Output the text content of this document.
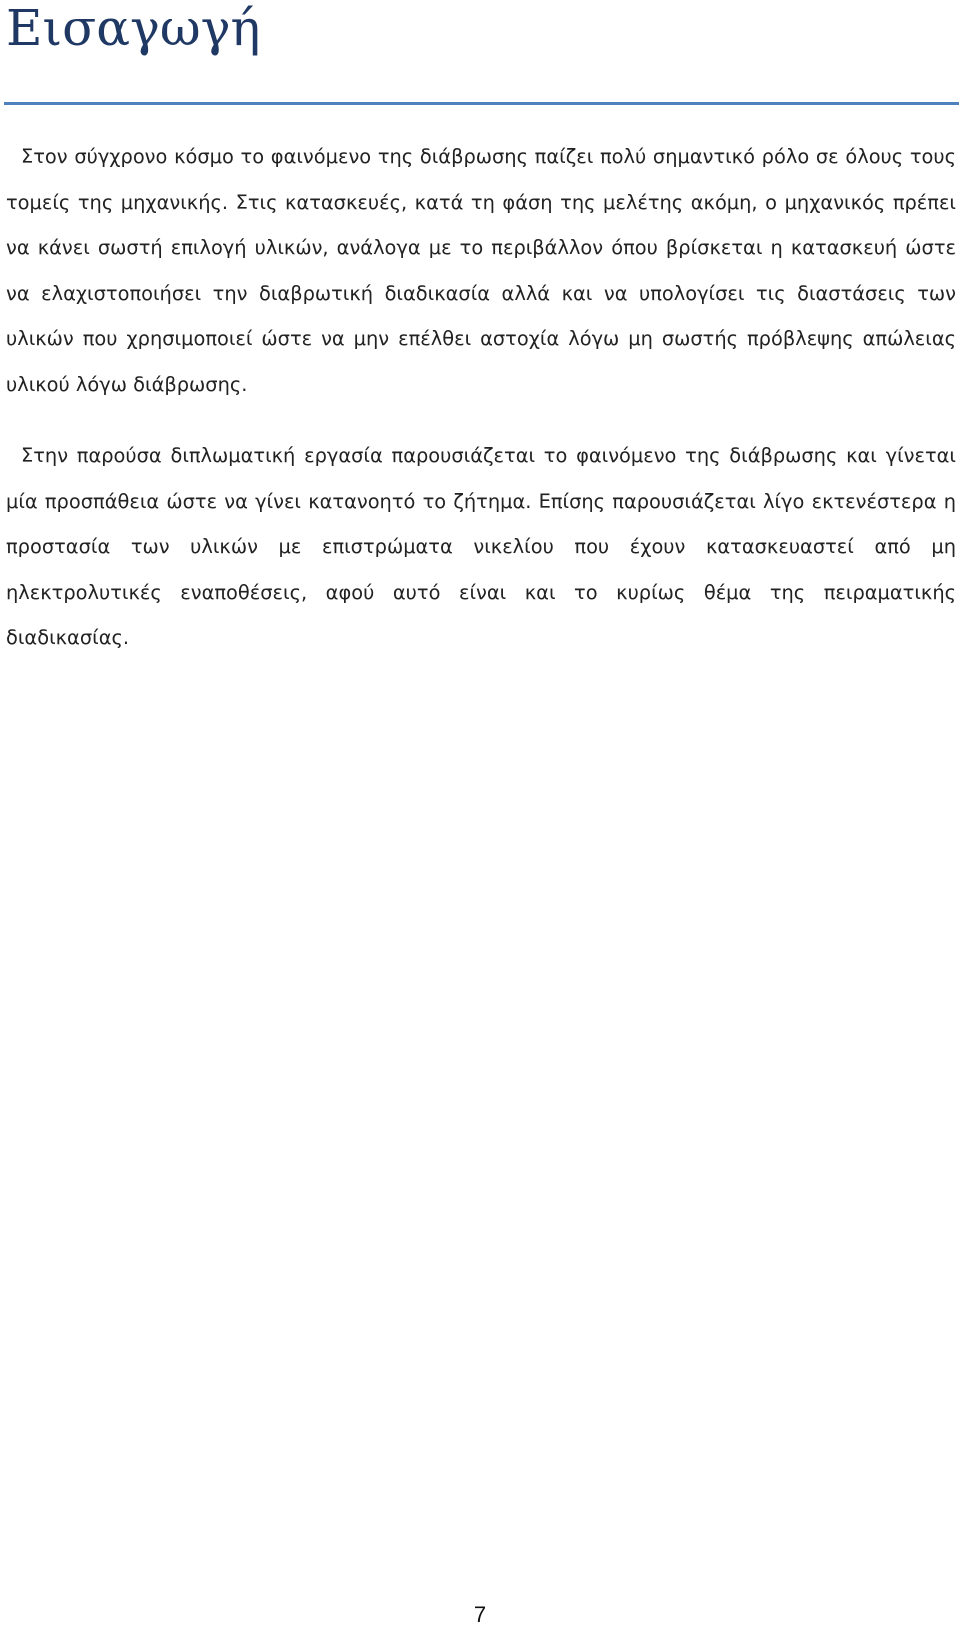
Εισαγωγή

Στον σύγχρονο κόσμο το φαινόμενο της διάβρωσης παίζει πολύ σημαντικό ρόλο σε όλους τους τομείς της μηχανικής. Στις κατασκευές, κατά τη φάση της μελέτης ακόμη, ο μηχανικός πρέπει να κάνει σωστή επιλογή υλικών, ανάλογα με το περιβάλλον όπου βρίσκεται η κατασκευή ώστε να ελαχιστοποιήσει την διαβρωτική διαδικασία αλλά και να υπολογίσει τις διαστάσεις των υλικών που χρησιμοποιεί ώστε να μην επέλθει αστοχία λόγω μη σωστής πρόβλεψης απώλειας υλικού λόγω διάβρωσης.

Στην παρούσα διπλωματική εργασία παρουσιάζεται το φαινόμενο της διάβρωσης και γίνεται μία προσπάθεια ώστε να γίνει κατανοητό το ζήτημα. Επίσης παρουσιάζεται λίγο εκτενέστερα η προστασία των υλικών με επιστρώματα νικελίου που έχουν κατασκευαστεί από μη ηλεκτρολυτικές εναποθέσεις, αφού αυτό είναι και το κυρίως θέμα της πειραματικής διαδικασίας.

7
